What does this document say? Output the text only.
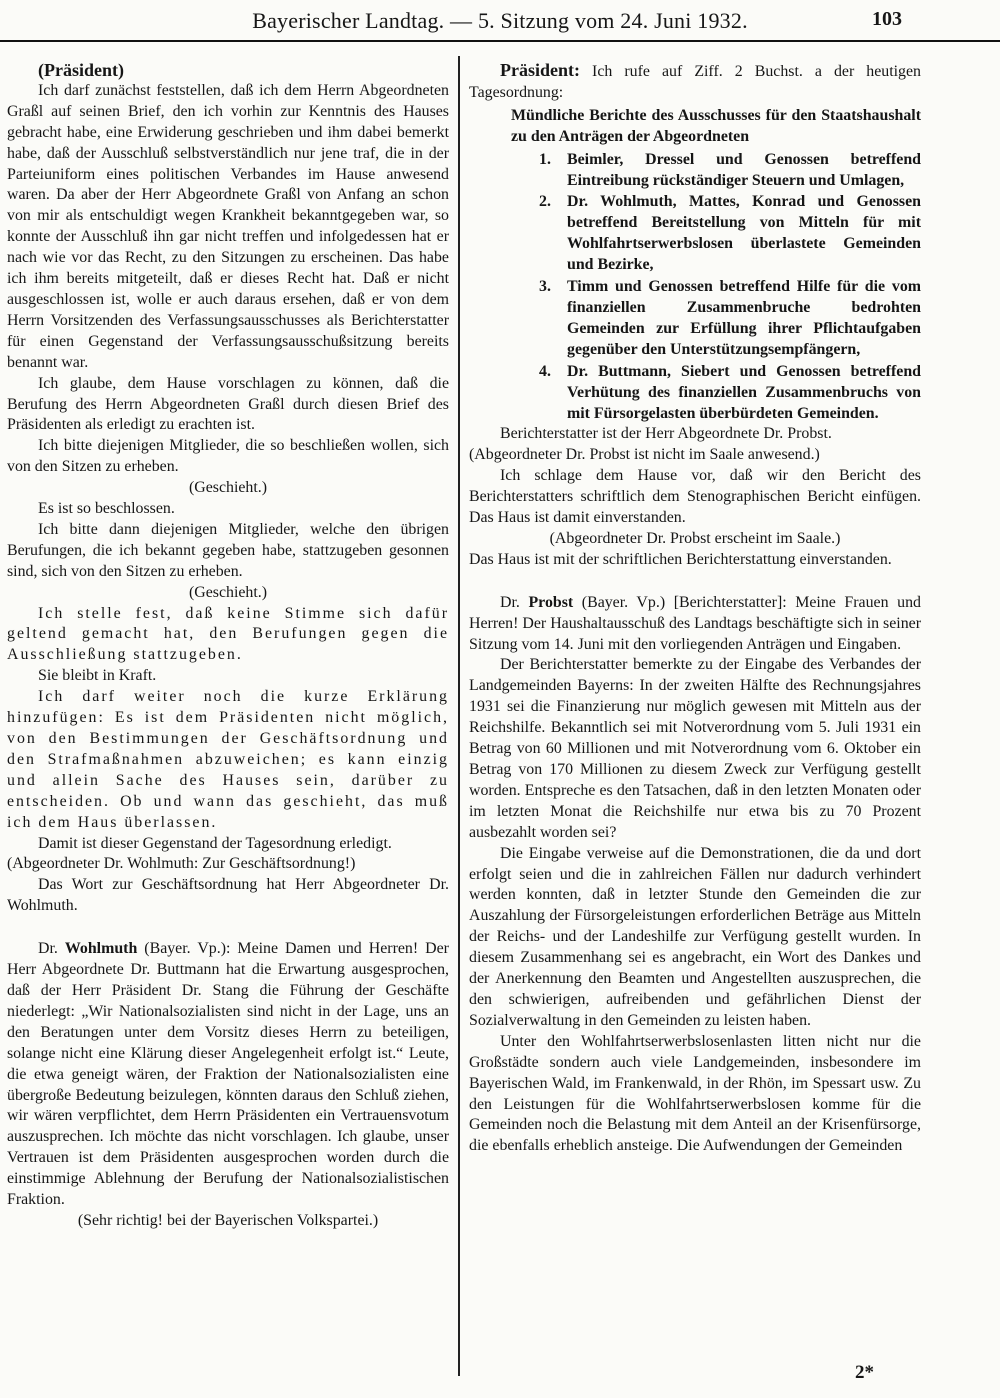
Bayerischer Landtag. — 5. Sitzung vom 24. Juni 1932.	103

(Präsident)

Ich darf zunächst feststellen, daß ich dem Herrn Abgeordneten Graßl auf seinen Brief, den ich vorhin zur Kenntnis des Hauses gebracht habe, eine Erwiderung geschrieben und ihm dabei bemerkt habe, daß der Ausschluß selbstverständlich nur jene traf, die in der Parteiuniform eines politischen Verbandes im Hause anwesend waren. Da aber der Herr Abgeordnete Graßl von Anfang an schon von mir als entschuldigt wegen Krankheit bekanntgegeben war, so konnte der Ausschluß ihn gar nicht treffen und infolgedessen hat er nach wie vor das Recht, zu den Sitzungen zu erscheinen. Das habe ich ihm bereits mitgeteilt, daß er dieses Recht hat. Daß er nicht ausgeschlossen ist, wolle er auch daraus ersehen, daß er von dem Herrn Vorsitzenden des Verfassungsausschusses als Berichterstatter für einen Gegenstand der Verfassungsausschußsitzung bereits benannt war.

Ich glaube, dem Hause vorschlagen zu können, daß die Berufung des Herrn Abgeordneten Graßl durch diesen Brief des Präsidenten als erledigt zu erachten ist.

Ich bitte diejenigen Mitglieder, die so beschließen wollen, sich von den Sitzen zu erheben.

(Geschieht.)

Es ist so beschlossen.

Ich bitte dann diejenigen Mitglieder, welche den übrigen Berufungen, die ich bekannt gegeben habe, stattzugeben gesonnen sind, sich von den Sitzen zu erheben.

(Geschieht.)

Ich stelle fest, daß keine Stimme sich dafür geltend gemacht hat, den Berufungen gegen die Ausschließung stattzugeben.

Sie bleibt in Kraft.

Ich darf weiter noch die kurze Erklärung hinzufügen: Es ist dem Präsidenten nicht möglich, von den Bestimmungen der Geschäftsordnung und den Strafmaßnahmen abzuweichen; es kann einzig und allein Sache des Hauses sein, darüber zu entscheiden. Ob und wann das geschieht, das muß ich dem Haus überlassen.

Damit ist dieser Gegenstand der Tagesordnung erledigt.

(Abgeordneter Dr. Wohlmuth: Zur Geschäftsordnung!)

Das Wort zur Geschäftsordnung hat Herr Abgeordneter Dr. Wohlmuth.

Dr. Wohlmuth (Bayer. Vp.): Meine Damen und Herren! Der Herr Abgeordnete Dr. Buttmann hat die Erwartung ausgesprochen, daß der Herr Präsident Dr. Stang die Führung der Geschäfte niederlegt: „Wir Nationalsozialisten sind nicht in der Lage, uns an den Beratungen unter dem Vorsitz dieses Herrn zu beteiligen, solange nicht eine Klärung dieser Angelegenheit erfolgt ist.“ Leute, die etwa geneigt wären, der Fraktion der Nationalsozialisten eine übergroße Bedeutung beizulegen, könnten daraus den Schluß ziehen, wir wären verpflichtet, dem Herrn Präsidenten ein Vertrauensvotum auszusprechen. Ich möchte das nicht vorschlagen. Ich glaube, unser Vertrauen ist dem Präsidenten ausgesprochen worden durch die einstimmige Ablehnung der Berufung der Nationalsozialistischen Fraktion.

(Sehr richtig! bei der Bayerischen Volkspartei.)

Präsident: Ich rufe auf Ziff. 2 Buchst. a der heutigen Tagesordnung:

Mündliche Berichte des Ausschusses für den Staatshaushalt zu den Anträgen der Abgeordneten

1.	Beimler, Dressel und Genossen betreffend Eintreibung rückständiger Steuern und Umlagen,
2.	Dr. Wohlmuth, Mattes, Konrad und Genossen betreffend Bereitstellung von Mitteln für mit Wohlfahrtserwerbslosen überlastete Gemeinden und Bezirke,
3.	Timm und Genossen betreffend Hilfe für die vom finanziellen Zusammenbruche bedrohten Gemeinden zur Erfüllung ihrer Pflichtaufgaben gegenüber den Unterstützungsempfängern,
4.	Dr. Buttmann, Siebert und Genossen betreffend Verhütung des finanziellen Zusammenbruchs von mit Fürsorgelasten überbürdeten Gemeinden.

Berichterstatter ist der Herr Abgeordnete Dr. Probst.

(Abgeordneter Dr. Probst ist nicht im Saale anwesend.)

Ich schlage dem Hause vor, daß wir den Bericht des Berichterstatters schriftlich dem Stenographischen Bericht einfügen. Das Haus ist damit einverstanden.

(Abgeordneter Dr. Probst erscheint im Saale.)

Das Haus ist mit der schriftlichen Berichterstattung einverstanden.

Dr. Probst (Bayer. Vp.) [Berichterstatter]: Meine Frauen und Herren! Der Haushaltausschuß des Landtags beschäftigte sich in seiner Sitzung vom 14. Juni mit den vorliegenden Anträgen und Eingaben.

Der Berichterstatter bemerkte zu der Eingabe des Verbandes der Landgemeinden Bayerns: In der zweiten Hälfte des Rechnungsjahres 1931 sei die Finanzierung nur möglich gewesen mit Mitteln aus der Reichshilfe. Bekanntlich sei mit Notverordnung vom 5. Juli 1931 ein Betrag von 60 Millionen und mit Notverordnung vom 6. Oktober ein Betrag von 170 Millionen zu diesem Zweck zur Verfügung gestellt worden. Entspreche es den Tatsachen, daß in den letzten Monaten oder im letzten Monat die Reichshilfe nur etwa bis zu 70 Prozent ausbezahlt worden sei?

Die Eingabe verweise auf die Demonstrationen, die da und dort erfolgt seien und die in zahlreichen Fällen nur dadurch verhindert werden konnten, daß in letzter Stunde den Gemeinden die zur Auszahlung der Fürsorgeleistungen erforderlichen Beträge aus Mitteln der Reichs- und der Landeshilfe zur Verfügung gestellt wurden. In diesem Zusammenhang sei es angebracht, ein Wort des Dankes und der Anerkennung den Beamten und Angestellten auszusprechen, die den schwierigen, aufreibenden und gefährlichen Dienst der Sozialverwaltung in den Gemeinden zu leisten haben.

Unter den Wohlfahrtserwerbslosenlasten litten nicht nur die Großstädte sondern auch viele Landgemeinden, insbesondere im Bayerischen Wald, im Frankenwald, in der Rhön, im Spessart usw. Zu den Leistungen für die Wohlfahrtserwerbslosen komme für die Gemeinden noch die Belastung mit dem Anteil an der Krisenfürsorge, die ebenfalls erheblich ansteige. Die Aufwendungen der Gemeinden

2*
